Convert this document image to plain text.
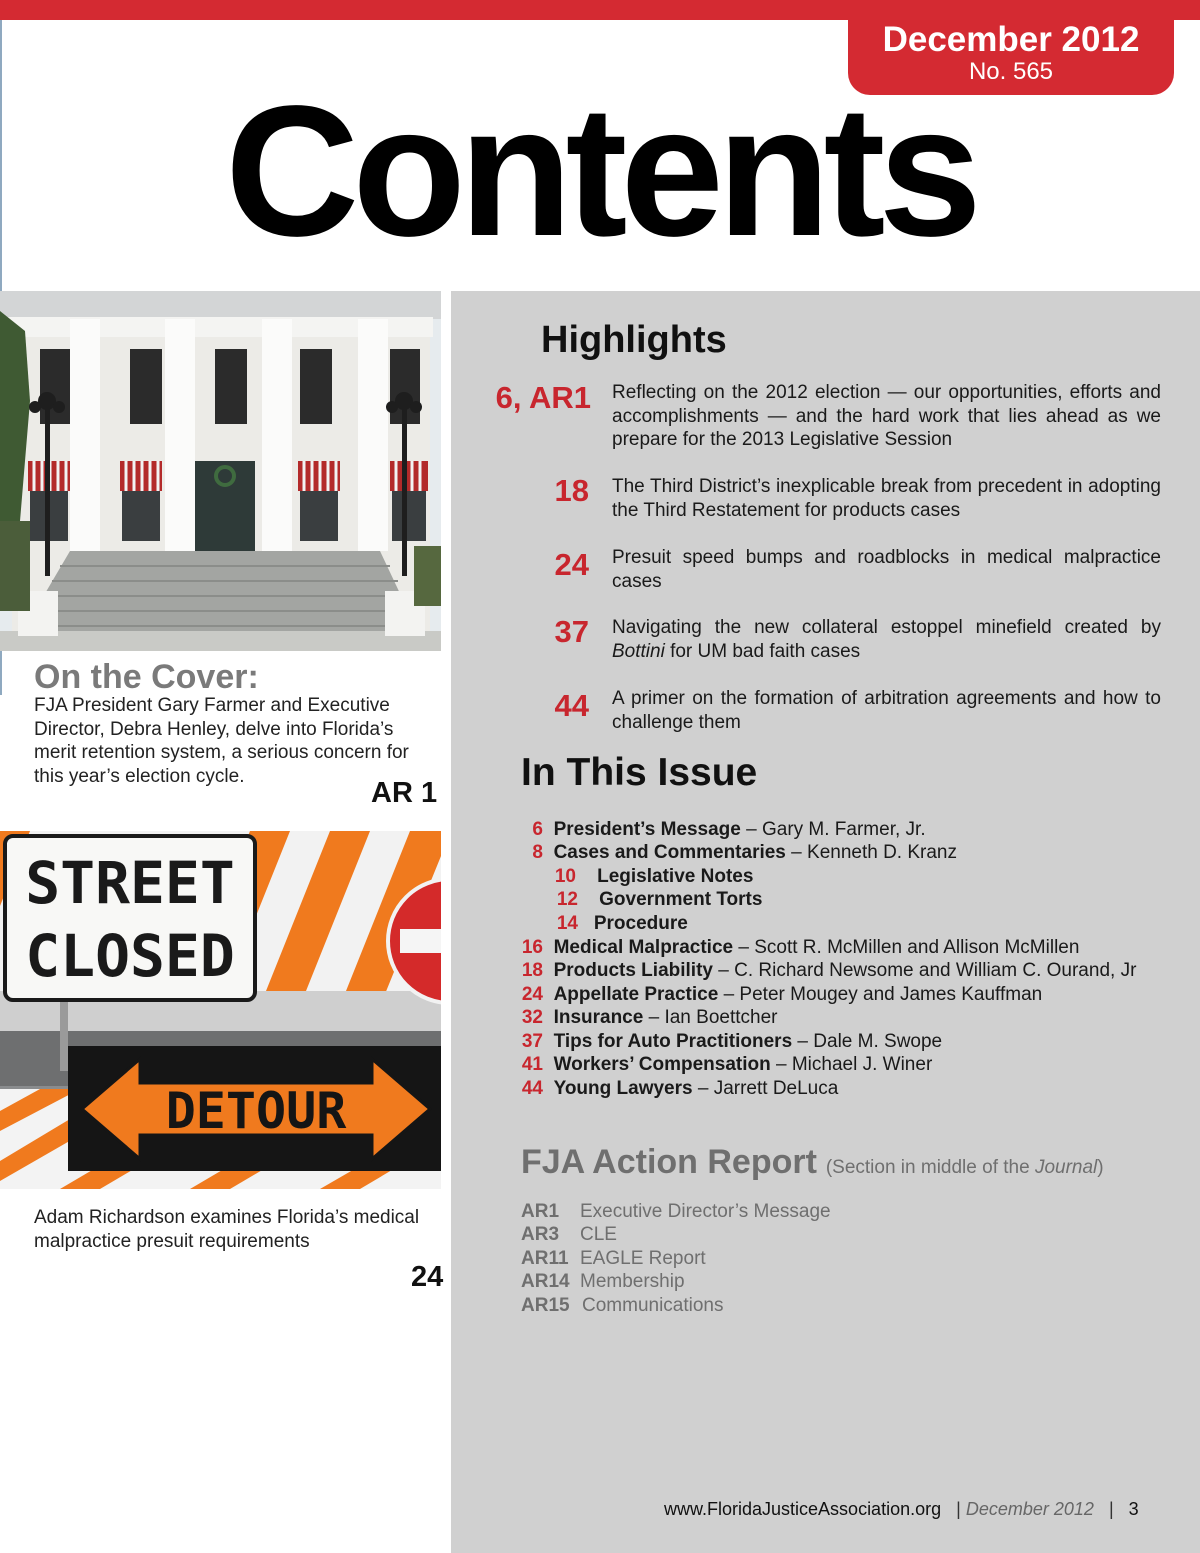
December 2012
No. 565
Contents
On the Cover:
FJA President Gary Farmer and Executive Director, Debra Henley, delve into Florida’s merit retention system, a serious concern for this year’s election cycle.
AR 1
STREET
CLOSED
DETOUR
Adam Richardson examines Florida’s medical malpractice presuit requirements
24
Highlights
6, AR1 Reflecting on the 2012 election — our opportunities, efforts and accomplishments — and the hard work that lies ahead as we prepare for the 2013 Legislative Session
18 The Third District’s inexplicable break from precedent in adopting the Third Restatement for products cases
24 Presuit speed bumps and roadblocks in medical malpractice cases
37 Navigating the new collateral estoppel minefield created by Bottini for UM bad faith cases
44 A primer on the formation of arbitration agreements and how to challenge them
In This Issue
6 President’s Message – Gary M. Farmer, Jr.
8 Cases and Commentaries – Kenneth D. Kranz
10 Legislative Notes
12 Government Torts
14 Procedure
16 Medical Malpractice – Scott R. McMillen and Allison McMillen
18 Products Liability – C. Richard Newsome and William C. Ourand, Jr
24 Appellate Practice – Peter Mougey and James Kauffman
32 Insurance – Ian Boettcher
37 Tips for Auto Practitioners – Dale M. Swope
41 Workers’ Compensation – Michael J. Winer
44 Young Lawyers – Jarrett DeLuca
FJA Action Report (Section in middle of the Journal)
AR1 Executive Director’s Message
AR3 CLE
AR11 EAGLE Report
AR14 Membership
AR15 Communications
www.FloridaJusticeAssociation.org | December 2012 | 3
